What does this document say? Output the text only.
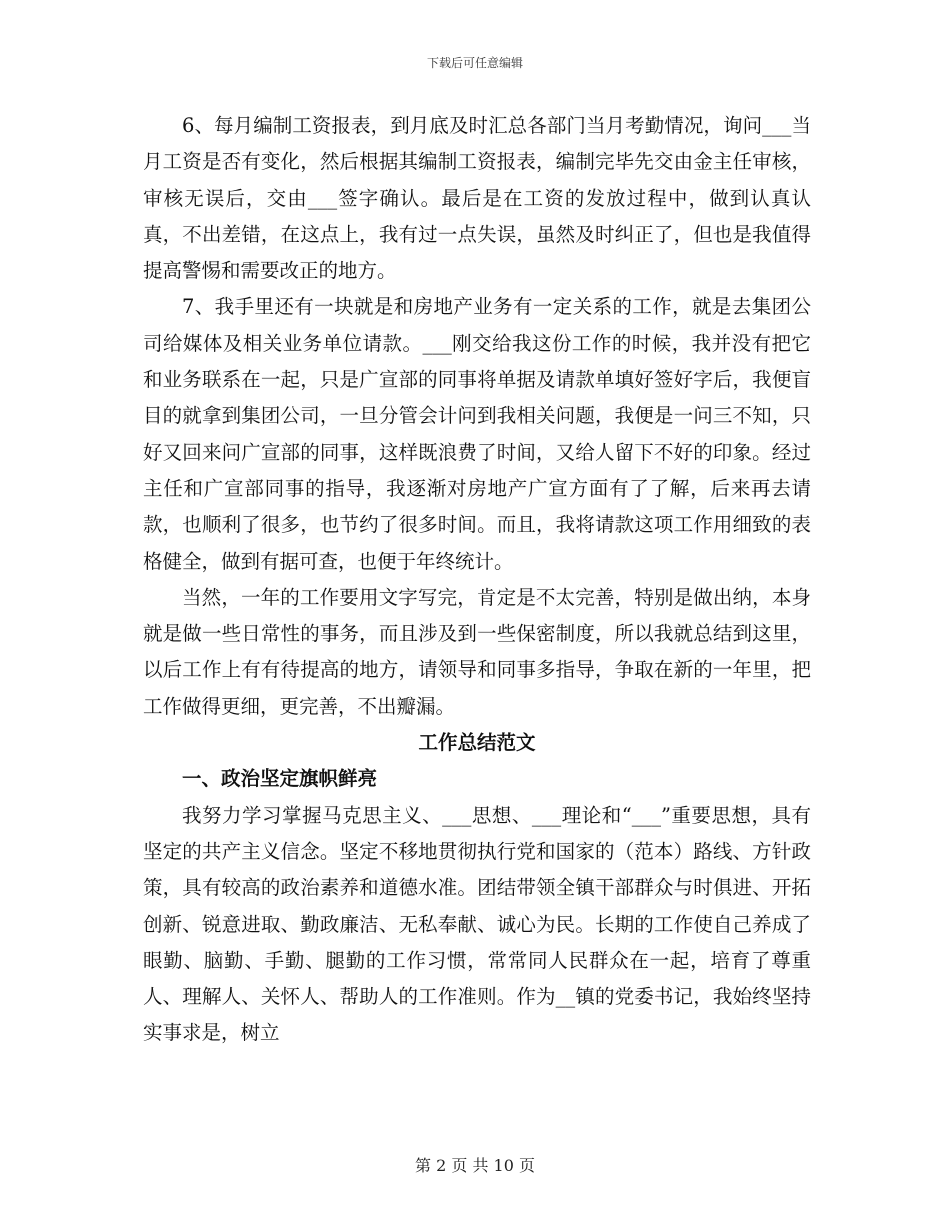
下载后可任意编辑

6、每月编制工资报表，到月底及时汇总各部门当月考勤情况，询问___当月工资是否有变化，然后根据其编制工资报表，编制完毕先交由金主任审核，审核无误后，交由___签字确认。最后是在工资的发放过程中，做到认真认真，不出差错，在这点上，我有过一点失误，虽然及时纠正了，但也是我值得提高警惕和需要改正的地方。

7、我手里还有一块就是和房地产业务有一定关系的工作，就是去集团公司给媒体及相关业务单位请款。___刚交给我这份工作的时候，我并没有把它和业务联系在一起，只是广宣部的同事将单据及请款单填好签好字后，我便盲目的就拿到集团公司，一旦分管会计问到我相关问题，我便是一问三不知，只好又回来问广宣部的同事，这样既浪费了时间，又给人留下不好的印象。经过主任和广宣部同事的指导，我逐渐对房地产广宣方面有了了解，后来再去请款，也顺利了很多，也节约了很多时间。而且，我将请款这项工作用细致的表格健全，做到有据可查，也便于年终统计。

当然，一年的工作要用文字写完，肯定是不太完善，特别是做出纳，本身就是做一些日常性的事务，而且涉及到一些保密制度，所以我就总结到这里，以后工作上有有待提高的地方，请领导和同事多指导，争取在新的一年里，把工作做得更细，更完善，不出瓣漏。

工作总结范文
一、政治坚定旗帜鲜亮

我努力学习掌握马克思主义、___思想、___理论和“___”重要思想，具有坚定的共产主义信念。坚定不移地贯彻执行党和国家的（范本）路线、方针政策，具有较高的政治素养和道德水准。团结带领全镇干部群众与时俱进、开拓创新、锐意进取、勤政廉洁、无私奉献、诚心为民。长期的工作使自己养成了眼勤、脑勤、手勤、腿勤的工作习惯，常常同人民群众在一起，培育了尊重人、理解人、关怀人、帮助人的工作准则。作为__镇的党委书记，我始终坚持实事求是，树立

第 2 页 共 10 页
